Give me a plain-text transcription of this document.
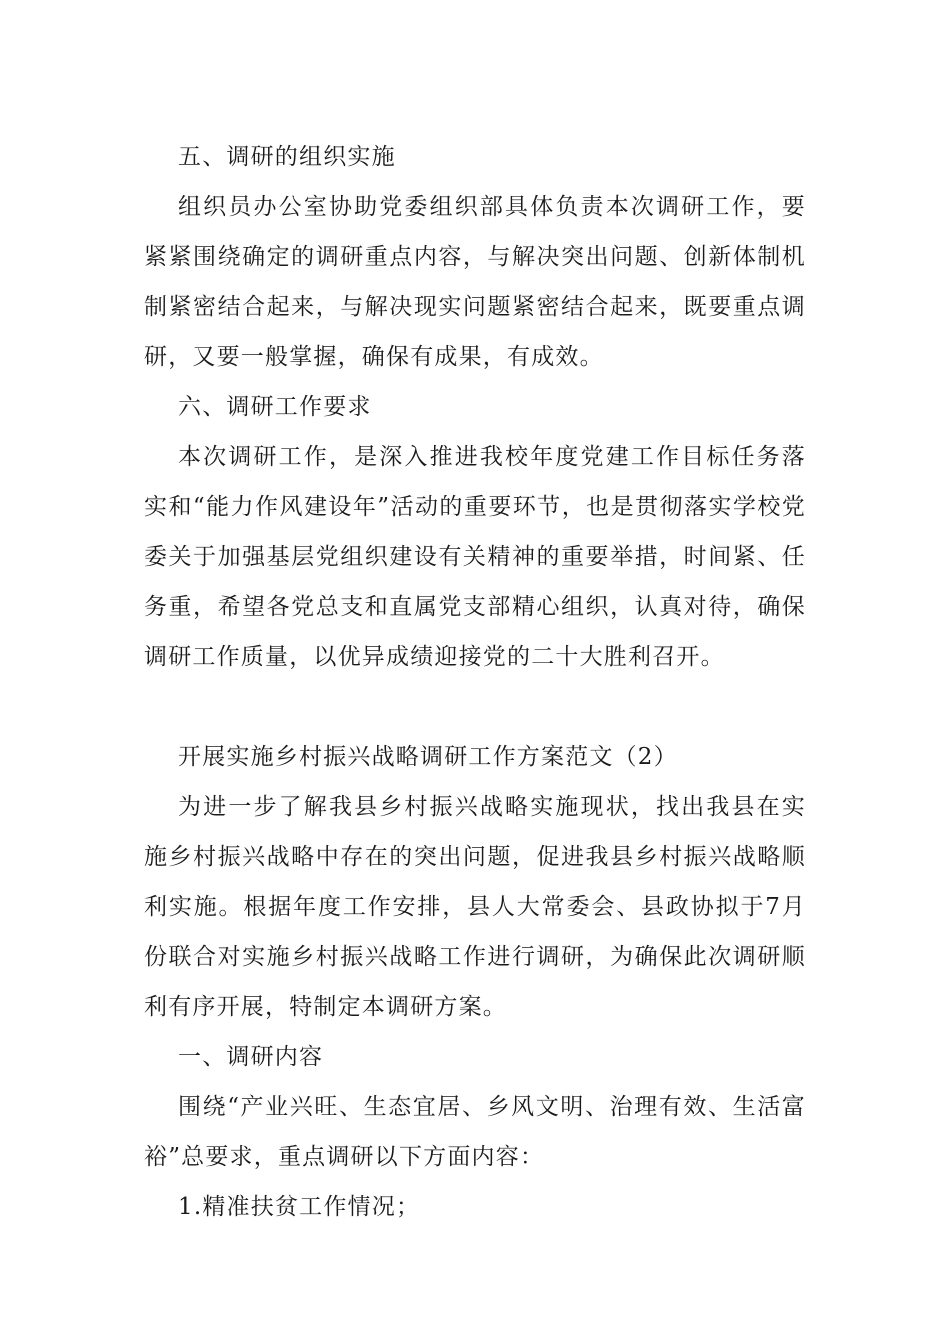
五、调研的组织实施

组织员办公室协助党委组织部具体负责本次调研工作，要紧紧围绕确定的调研重点内容，与解决突出问题、创新体制机制紧密结合起来，与解决现实问题紧密结合起来，既要重点调研，又要一般掌握，确保有成果，有成效。

六、调研工作要求

本次调研工作，是深入推进我校年度党建工作目标任务落实和“能力作风建设年”活动的重要环节，也是贯彻落实学校党委关于加强基层党组织建设有关精神的重要举措，时间紧、任务重，希望各党总支和直属党支部精心组织，认真对待，确保调研工作质量，以优异成绩迎接党的二十大胜利召开。

开展实施乡村振兴战略调研工作方案范文（2）

为进一步了解我县乡村振兴战略实施现状，找出我县在实施乡村振兴战略中存在的突出问题，促进我县乡村振兴战略顺利实施。根据年度工作安排，县人大常委会、县政协拟于7月份联合对实施乡村振兴战略工作进行调研，为确保此次调研顺利有序开展，特制定本调研方案。

一、调研内容

围绕“产业兴旺、生态宜居、乡风文明、治理有效、生活富裕”总要求，重点调研以下方面内容：

1.精准扶贫工作情况；
